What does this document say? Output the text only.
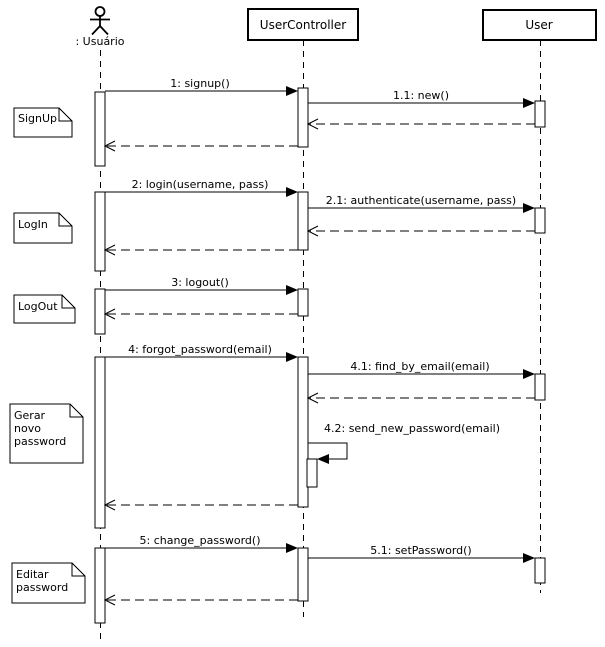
: Usuário
UserController	User
1: signup()
1.1: new()
2: login(username, pass)
2.1: authenticate(username, pass)
3: logout()
4: forgot_password(email)
4.1: find_by_email(email)
4.2: send_new_password(email)
5: change_password()
5.1: setPassword()
SignUp
LogIn
LogOut
Gerar
novo
password
Editar
password
